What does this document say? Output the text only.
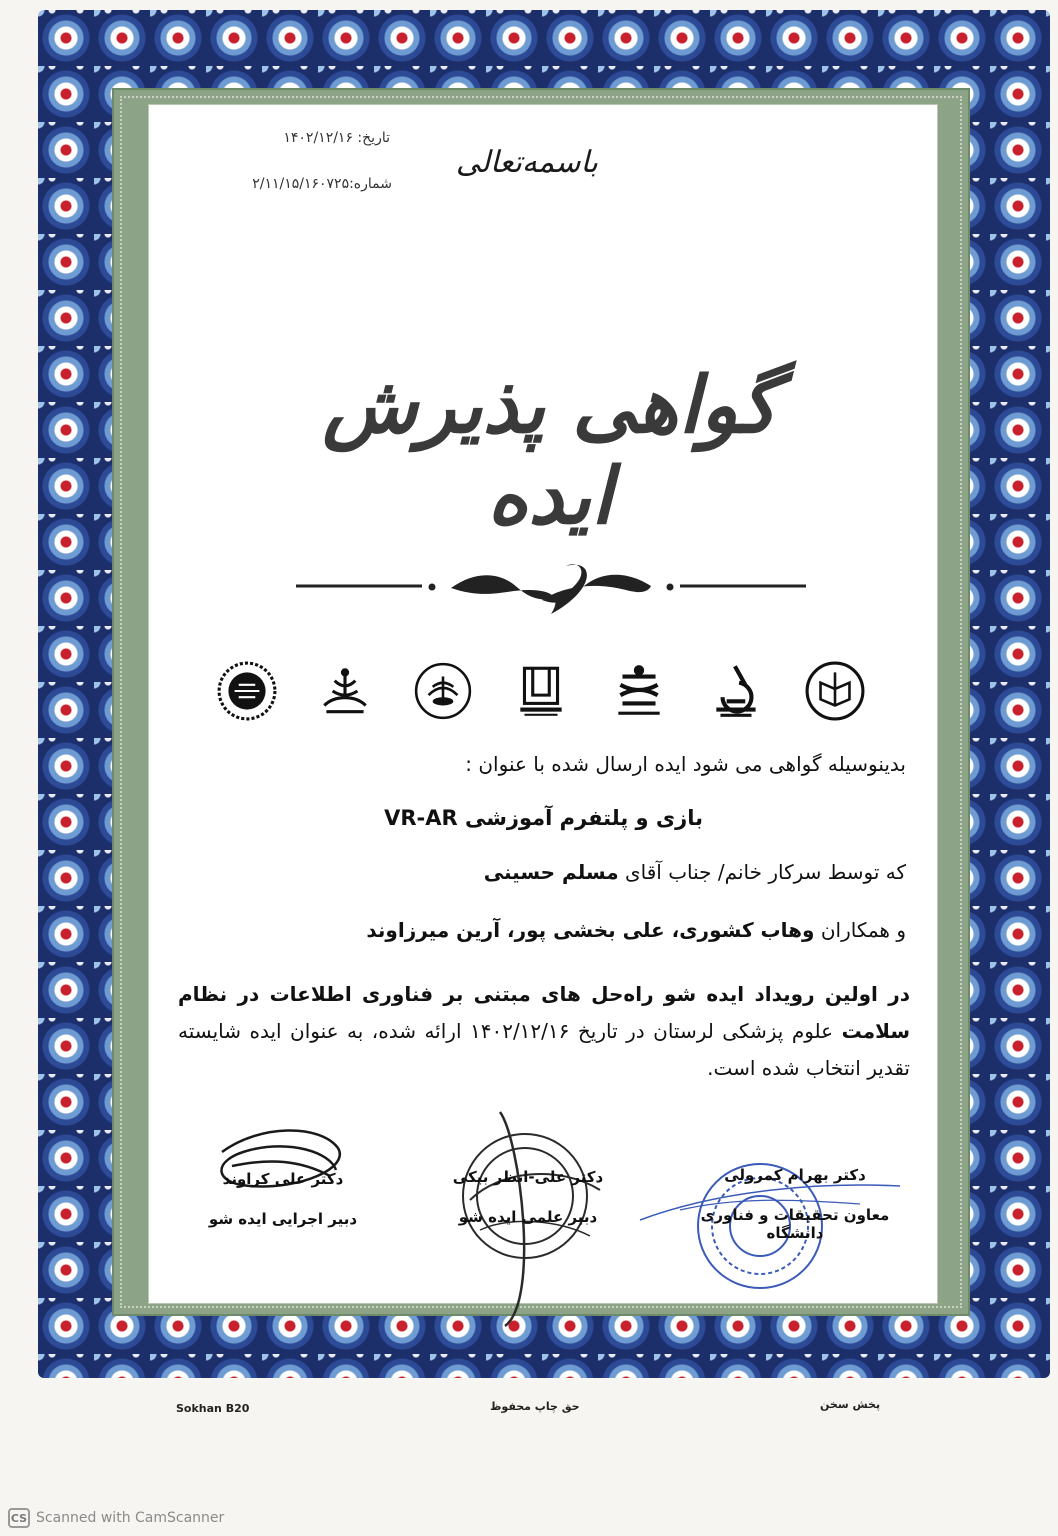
باسمه‌تعالی
تاریخ: ۱۴۰۲/۱۲/۱۶
شماره:۲/۱۱/۱۵/۱۶۰۷۲۵
گواهی پذیرش ایده
بدینوسیله گواهی می شود ایده ارسال شده با عنوان :
بازی و پلتفرم آموزشی VR-AR
که توسط سرکار خانم/ جناب آقای مسلم حسینی
و همکاران وهاب کشوری، علی بخشی پور، آرین میرزاوند
در اولین رویداد ایده شو راه‌حل های مبتنی بر فناوری اطلاعات در نظام سلامت علوم پزشکی لرستان در تاریخ ۱۴۰۲/۱۲/۱۶ ارائه شده، به عنوان ایده شایسته تقدیر انتخاب شده است.
دکتر بهرام کمرولی
معاون تحقیقات و فناوری دانشگاه
دکتر علی-انظر بیکی
دبیر علمی ایده شو
دکتر علی کراوند
دبیر اجرایی ایده شو
Sokhan B20	حق چاپ محفوظ	پخش سخن
CS Scanned with CamScanner
